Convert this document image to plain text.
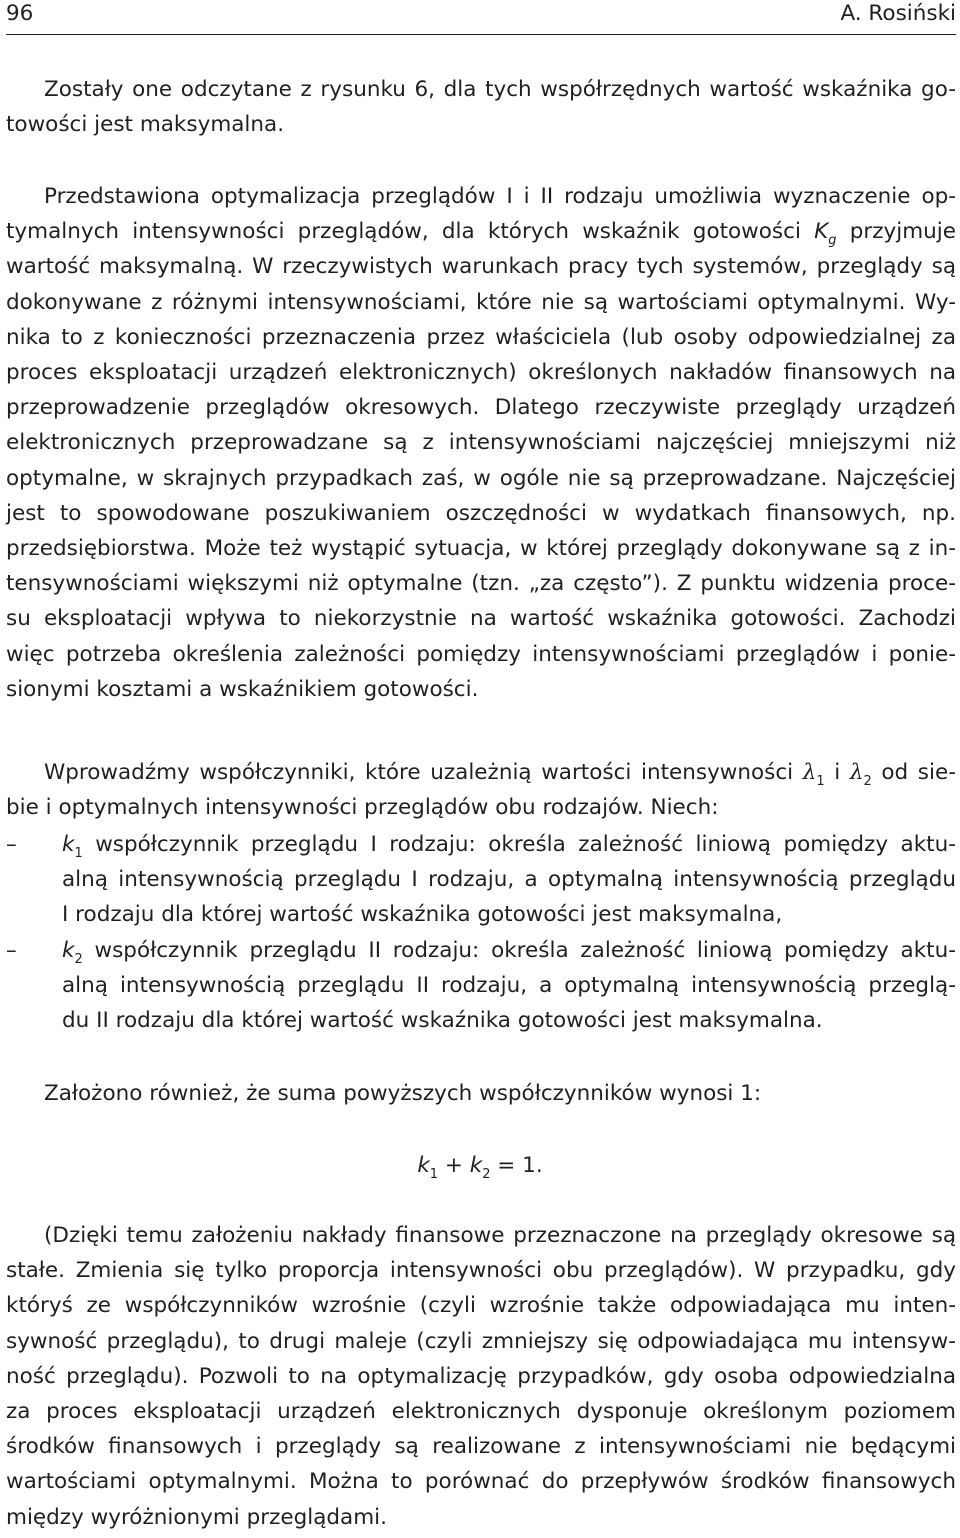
96	A. Rosiński
Zostały one odczytane z rysunku 6, dla tych współrzędnych wartość wskaźnika go-
towości jest maksymalna.
Przedstawiona optymalizacja przeglądów I i II rodzaju umożliwia wyznaczenie op-
tymalnych intensywności przeglądów, dla których wskaźnik gotowości $K_g$ przyjmuje
wartość maksymalną. W rzeczywistych warunkach pracy tych systemów, przeglądy są
dokonywane z różnymi intensywnościami, które nie są wartościami optymalnymi. Wy-
nika to z konieczności przeznaczenia przez właściciela (lub osoby odpowiedzialnej za
proces eksploatacji urządzeń elektronicznych) określonych nakładów finansowych na
przeprowadzenie przeglądów okresowych. Dlatego rzeczywiste przeglądy urządzeń
elektronicznych przeprowadzane są z intensywnościami najczęściej mniejszymi niż
optymalne, w skrajnych przypadkach zaś, w ogóle nie są przeprowadzane. Najczęściej
jest to spowodowane poszukiwaniem oszczędności w wydatkach finansowych, np.
przedsiębiorstwa. Może też wystąpić sytuacja, w której przeglądy dokonywane są z in-
tensywnościami większymi niż optymalne (tzn. „za często”). Z punktu widzenia proce-
su eksploatacji wpływa to niekorzystnie na wartość wskaźnika gotowości. Zachodzi
więc potrzeba określenia zależności pomiędzy intensywnościami przeglądów i ponie-
sionymi kosztami a wskaźnikiem gotowości.
Wprowadźmy współczynniki, które uzależnią wartości intensywności $\lambda_1$ i $\lambda_2$ od sie-
bie i optymalnych intensywności przeglądów obu rodzajów. Niech:
–	$k_1$ współczynnik przeglądu I rodzaju: określa zależność liniową pomiędzy aktu-
alną intensywnością przeglądu I rodzaju, a optymalną intensywnością przeglądu
I rodzaju dla której wartość wskaźnika gotowości jest maksymalna,
–	$k_2$ współczynnik przeglądu II rodzaju: określa zależność liniową pomiędzy aktu-
alną intensywnością przeglądu II rodzaju, a optymalną intensywnością przeglą-
du II rodzaju dla której wartość wskaźnika gotowości jest maksymalna.
Założono również, że suma powyższych współczynników wynosi 1:
$k_1 + k_2 = 1$.
(Dzięki temu założeniu nakłady finansowe przeznaczone na przeglądy okresowe są
stałe. Zmienia się tylko proporcja intensywności obu przeglądów). W przypadku, gdy
któryś ze współczynników wzrośnie (czyli wzrośnie także odpowiadająca mu inten-
sywność przeglądu), to drugi maleje (czyli zmniejszy się odpowiadająca mu intensyw-
ność przeglądu). Pozwoli to na optymalizację przypadków, gdy osoba odpowiedzialna
za proces eksploatacji urządzeń elektronicznych dysponuje określonym poziomem
środków finansowych i przeglądy są realizowane z intensywnościami nie będącymi
wartościami optymalnymi. Można to porównać do przepływów środków finansowych
między wyróżnionymi przeglądami.
